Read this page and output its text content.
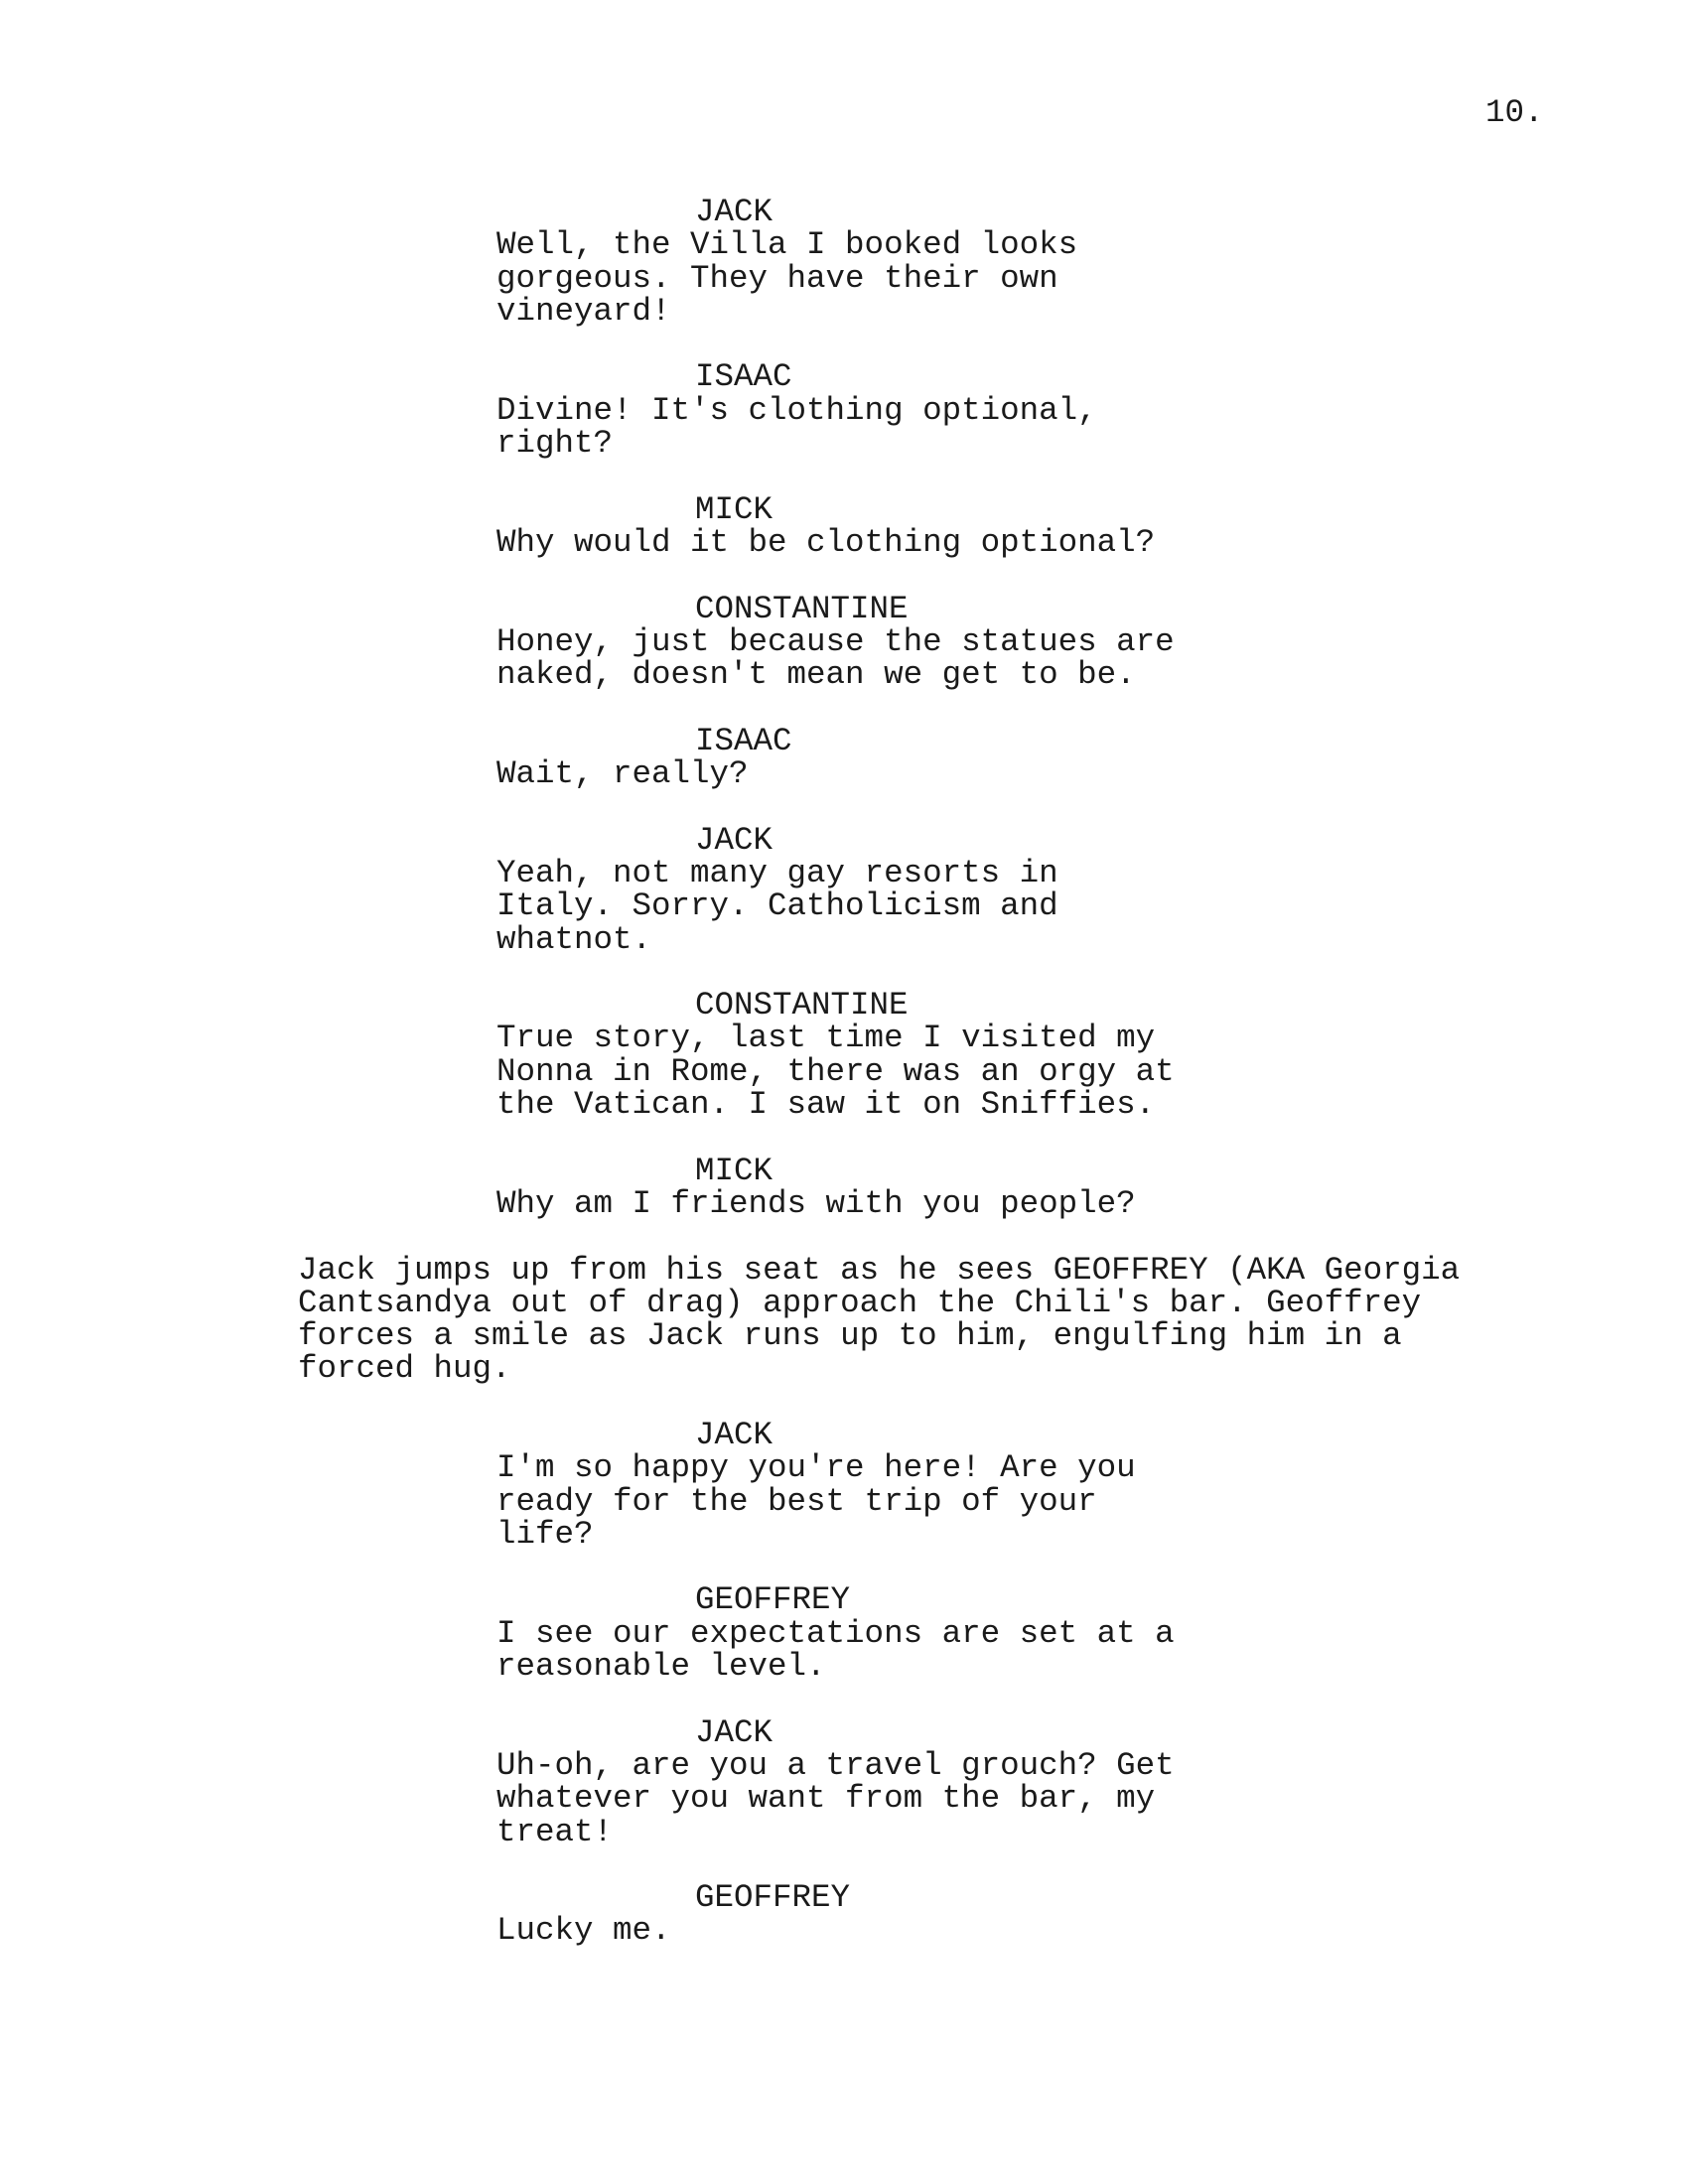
10.
JACK
Well, the Villa I booked looks
gorgeous. They have their own
vineyard!
ISAAC
Divine! It's clothing optional,
right?
MICK
Why would it be clothing optional?
CONSTANTINE
Honey, just because the statues are
naked, doesn't mean we get to be.
ISAAC
Wait, really?
JACK
Yeah, not many gay resorts in
Italy. Sorry. Catholicism and
whatnot.
CONSTANTINE
True story, last time I visited my
Nonna in Rome, there was an orgy at
the Vatican. I saw it on Sniffies.
MICK
Why am I friends with you people?
Jack jumps up from his seat as he sees GEOFFREY (AKA Georgia
Cantsandya out of drag) approach the Chili's bar. Geoffrey
forces a smile as Jack runs up to him, engulfing him in a
forced hug.
JACK
I'm so happy you're here! Are you
ready for the best trip of your
life?
GEOFFREY
I see our expectations are set at a
reasonable level.
JACK
Uh-oh, are you a travel grouch? Get
whatever you want from the bar, my
treat!
GEOFFREY
Lucky me.
